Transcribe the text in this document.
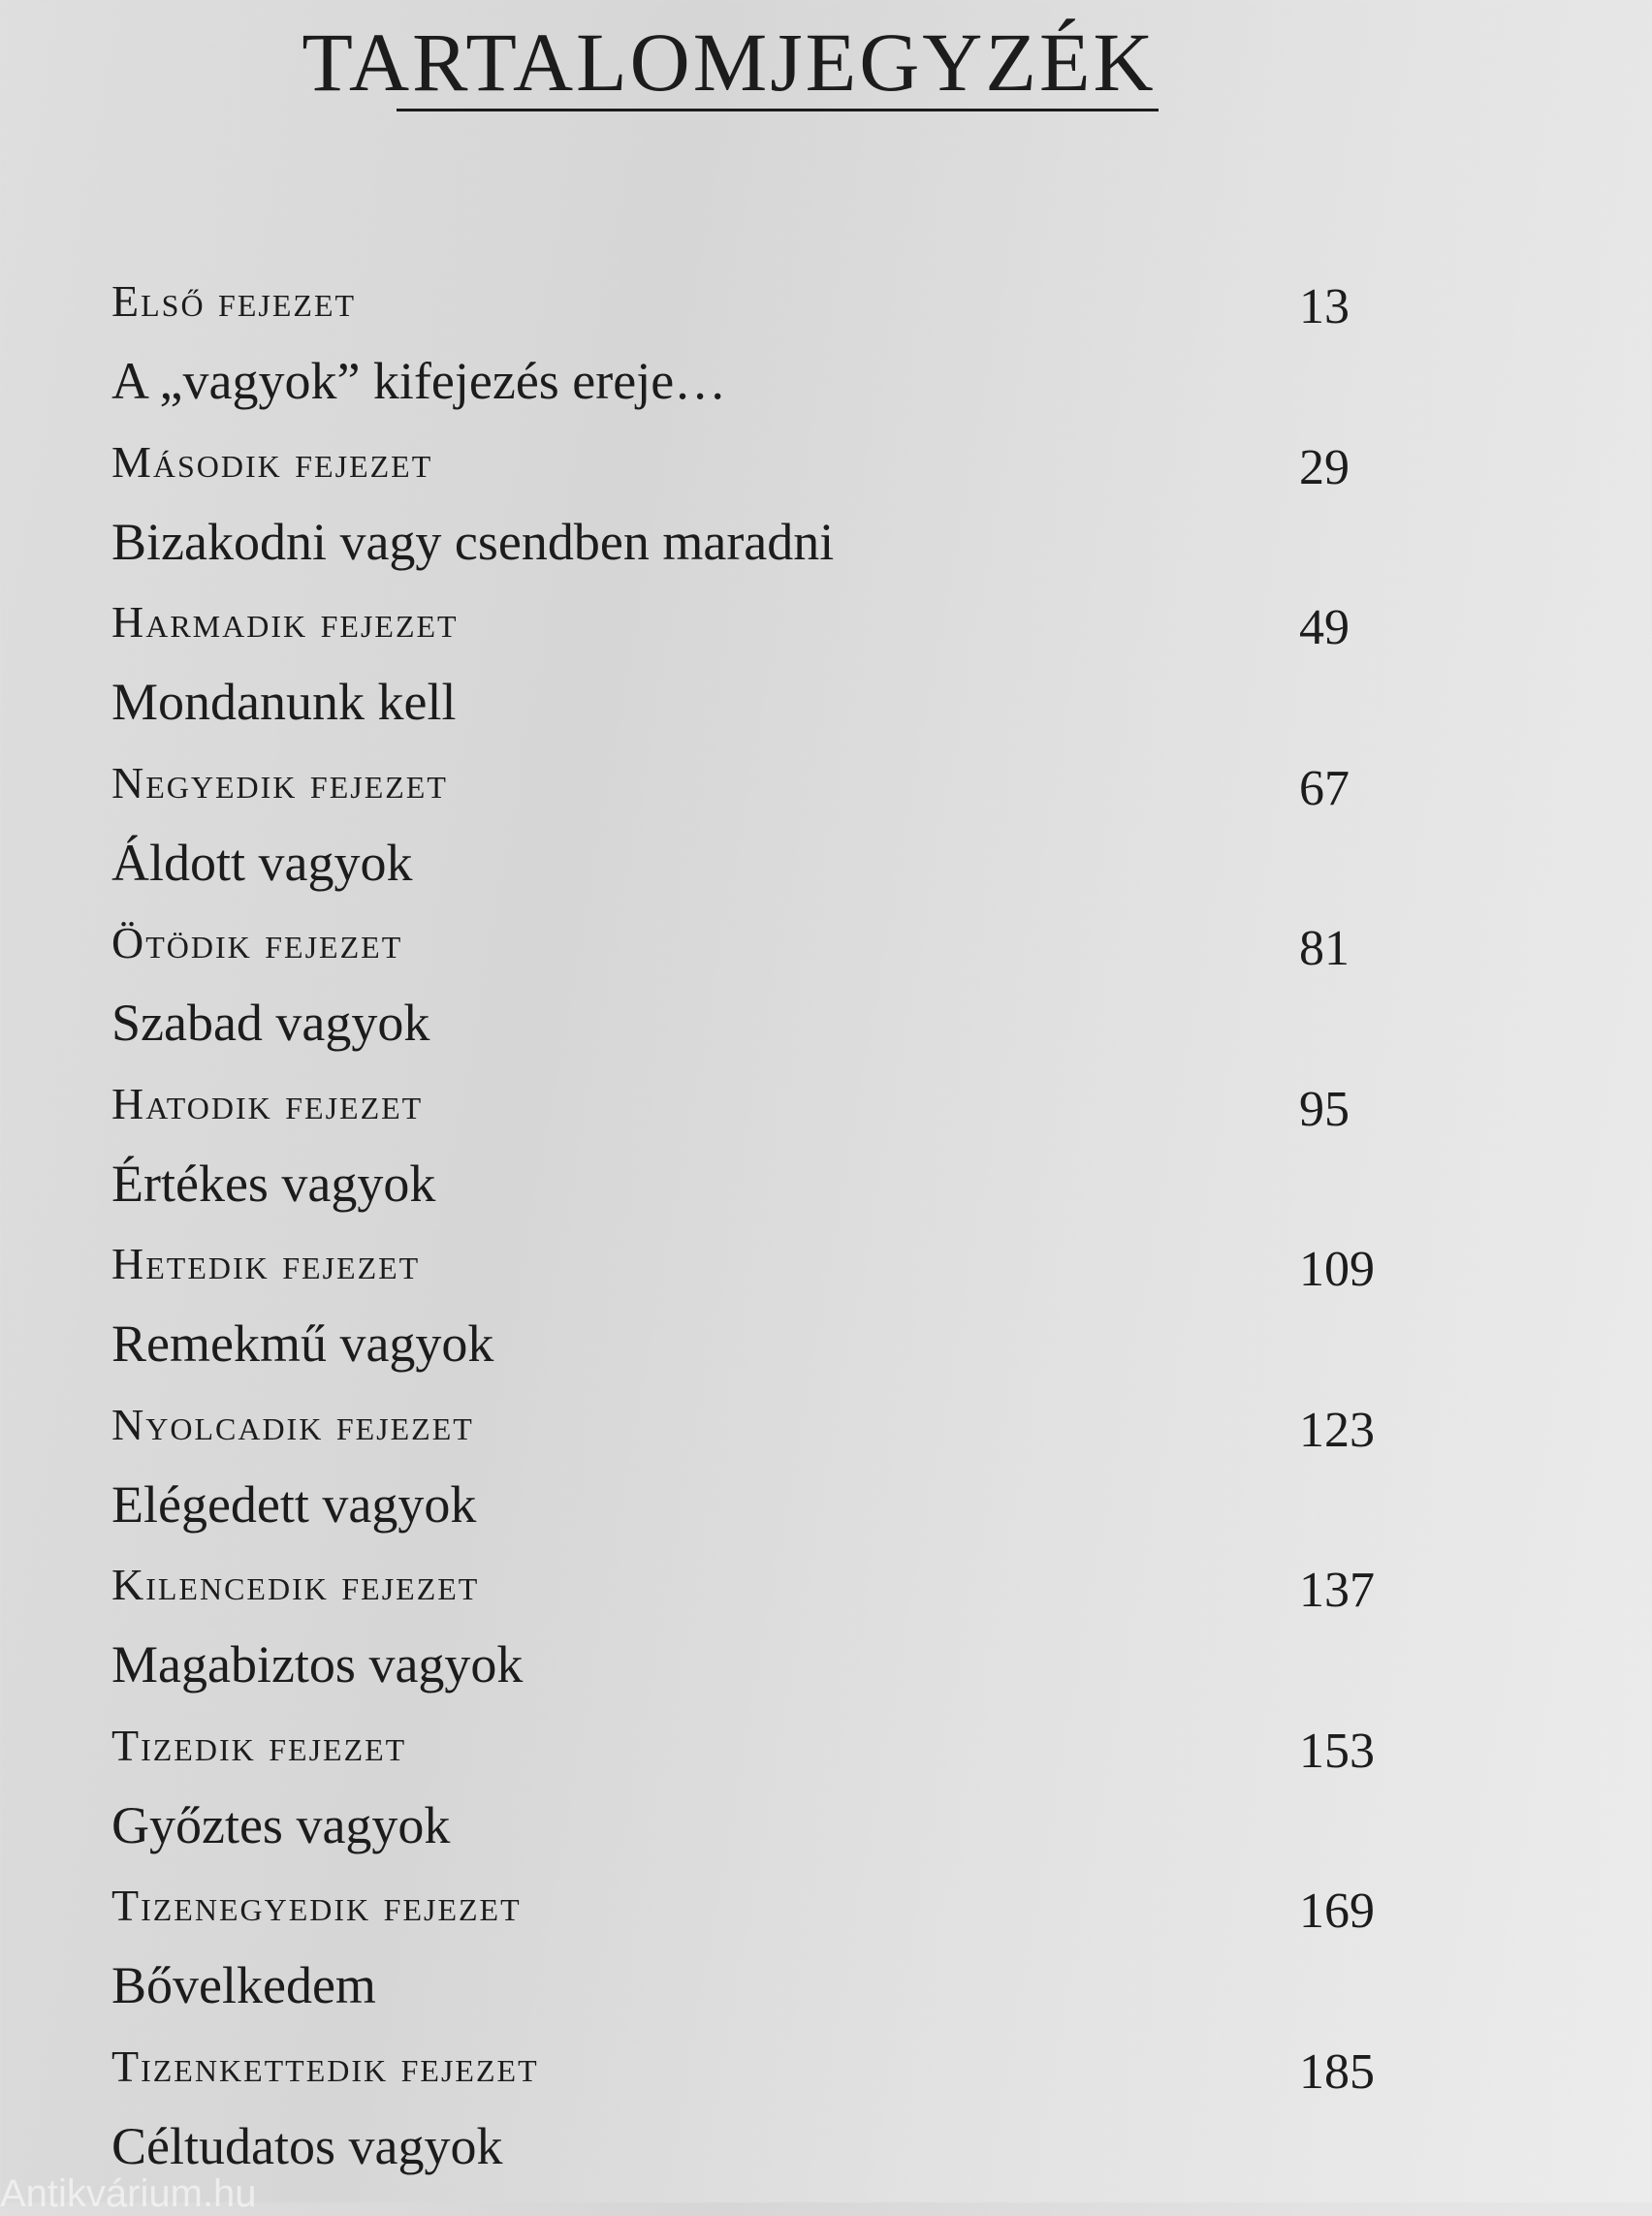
TARTALOMJEGYZÉK
Első fejezet
A „vagyok” kifejezés ereje…
13
Második fejezet
Bizakodni vagy csendben maradni
29
Harmadik fejezet
Mondanunk kell
49
Negyedik fejezet
Áldott vagyok
67
Ötödik fejezet
Szabad vagyok
81
Hatodik fejezet
Értékes vagyok
95
Hetedik fejezet
Remekmű vagyok
109
Nyolcadik fejezet
Elégedett vagyok
123
Kilencedik fejezet
Magabiztos vagyok
137
Tizedik fejezet
Győztes vagyok
153
Tizenegyedik fejezet
Bővelkedem
169
Tizenkettedik fejezet
Céltudatos vagyok
185
Antikvárium.hu
